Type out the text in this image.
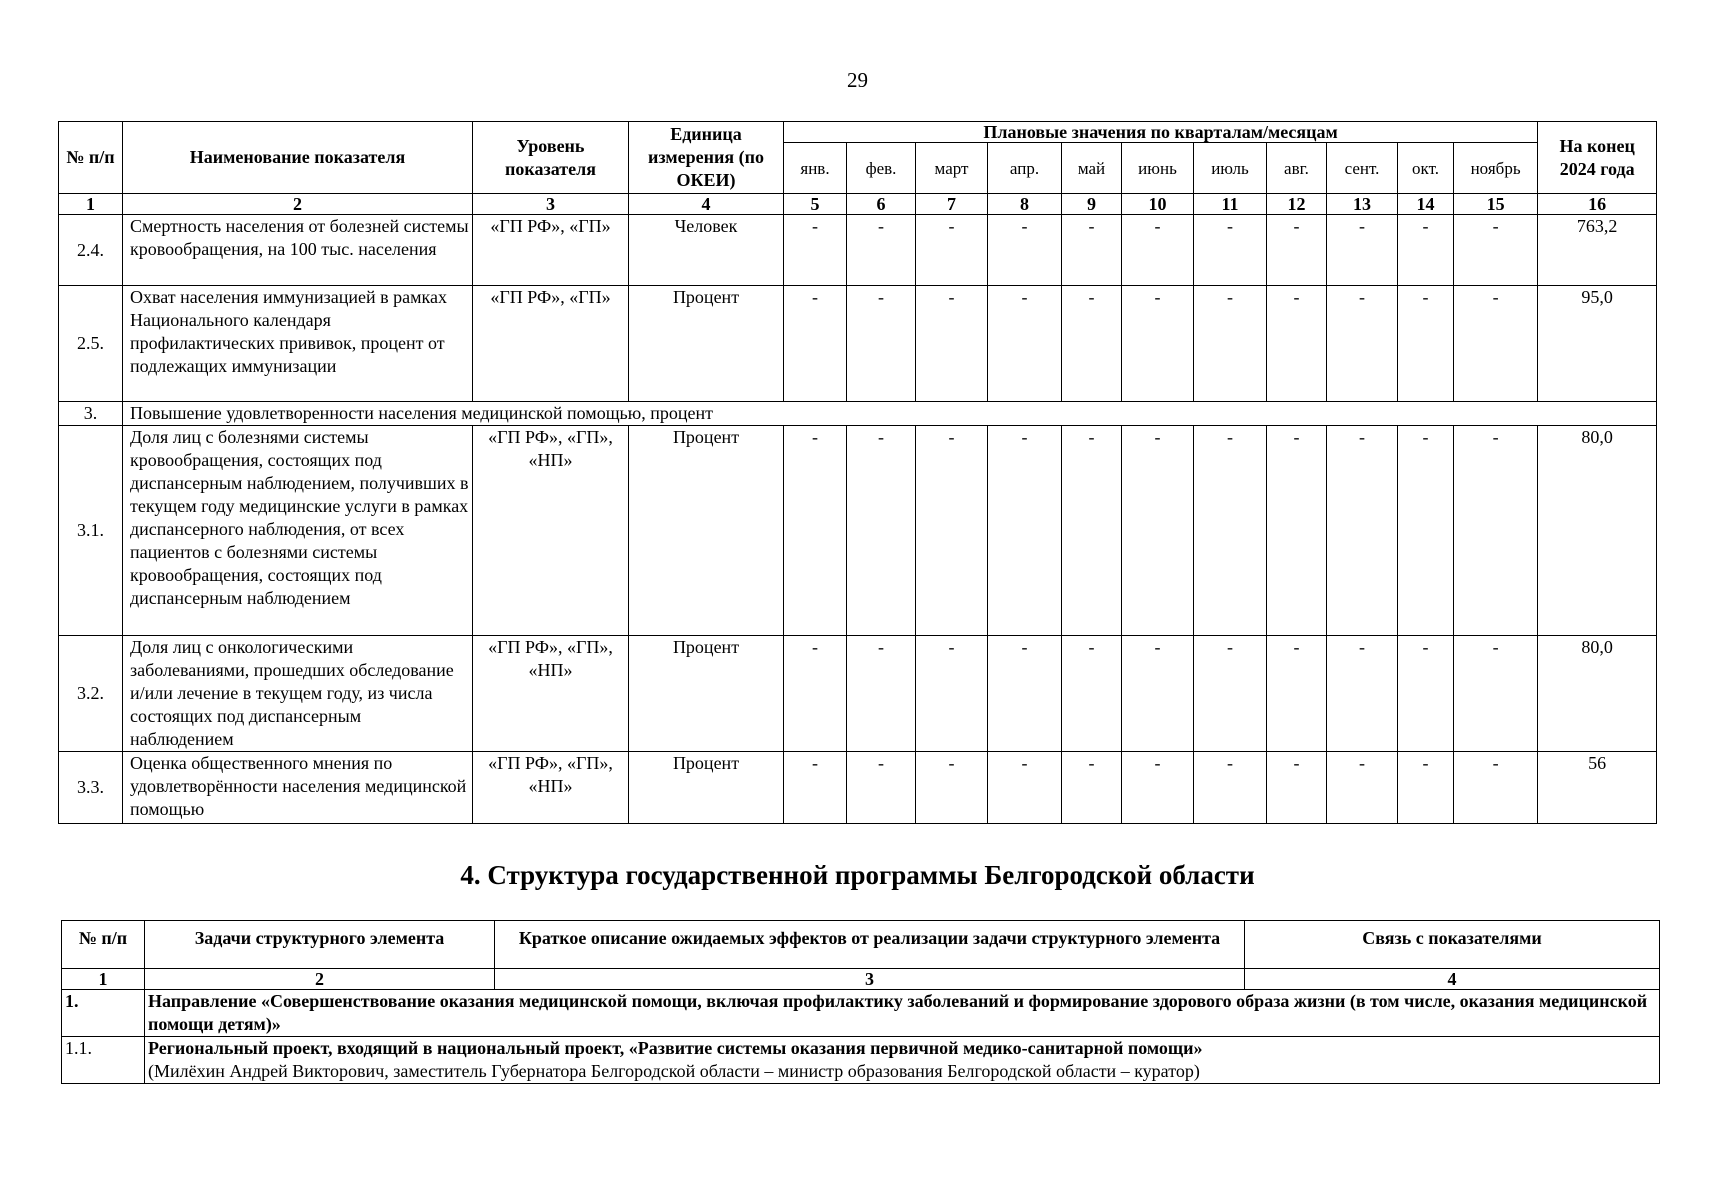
29
№ п/п	Наименование показателя	Уровень показателя	Единица измерения (по ОКЕИ)	Плановые значения по кварталам/месяцам											На конец 2024 года
				янв.	фев.	март	апр.	май	июнь	июль	авг.	сент.	окт.	ноябрь	
1	2	3	4	5	6	7	8	9	10	11	12	13	14	15	16
2.4.	Смертность населения от болезней системы кровообращения, на 100 тыс. населения	«ГП РФ», «ГП»	Человек	-	-	-	-	-	-	-	-	-	-	-	763,2
2.5.	Охват населения иммунизацией в рамках Национального календаря профилактических прививок, процент от подлежащих иммунизации	«ГП РФ», «ГП»	Процент	-	-	-	-	-	-	-	-	-	-	-	95,0
3.	Повышение удовлетворенности населения медицинской помощью, процент														
3.1.	Доля лиц с болезнями системы кровообращения, состоящих под диспансерным наблюдением, получивших в текущем году медицинские услуги в рамках диспансерного наблюдения, от всех пациентов с болезнями системы кровообращения, состоящих под диспансерным наблюдением	«ГП РФ», «ГП», «НП»	Процент	-	-	-	-	-	-	-	-	-	-	-	80,0
3.2.	Доля лиц с онкологическими заболеваниями, прошедших обследование и/или лечение в текущем году, из числа состоящих под диспансерным наблюдением	«ГП РФ», «ГП», «НП»	Процент	-	-	-	-	-	-	-	-	-	-	-	80,0
3.3.	Оценка общественного мнения по удовлетворённости населения медицинской помощью	«ГП РФ», «ГП», «НП»	Процент	-	-	-	-	-	-	-	-	-	-	-	56
4. Структура государственной программы Белгородской области
№ п/п	Задачи структурного элемента	Краткое описание ожидаемых эффектов от реализации задачи структурного элемента	Связь с показателями
1	2	3	4
1.	Направление «Совершенствование оказания медицинской помощи, включая профилактику заболеваний и формирование здорового образа жизни (в том числе, оказания медицинской помощи детям)»		
1.1.	Региональный проект, входящий в национальный проект, «Развитие системы оказания первичной медико-санитарной помощи»
(Милёхин Андрей Викторович, заместитель Губернатора Белгородской области – министр образования Белгородской области – куратор)		
